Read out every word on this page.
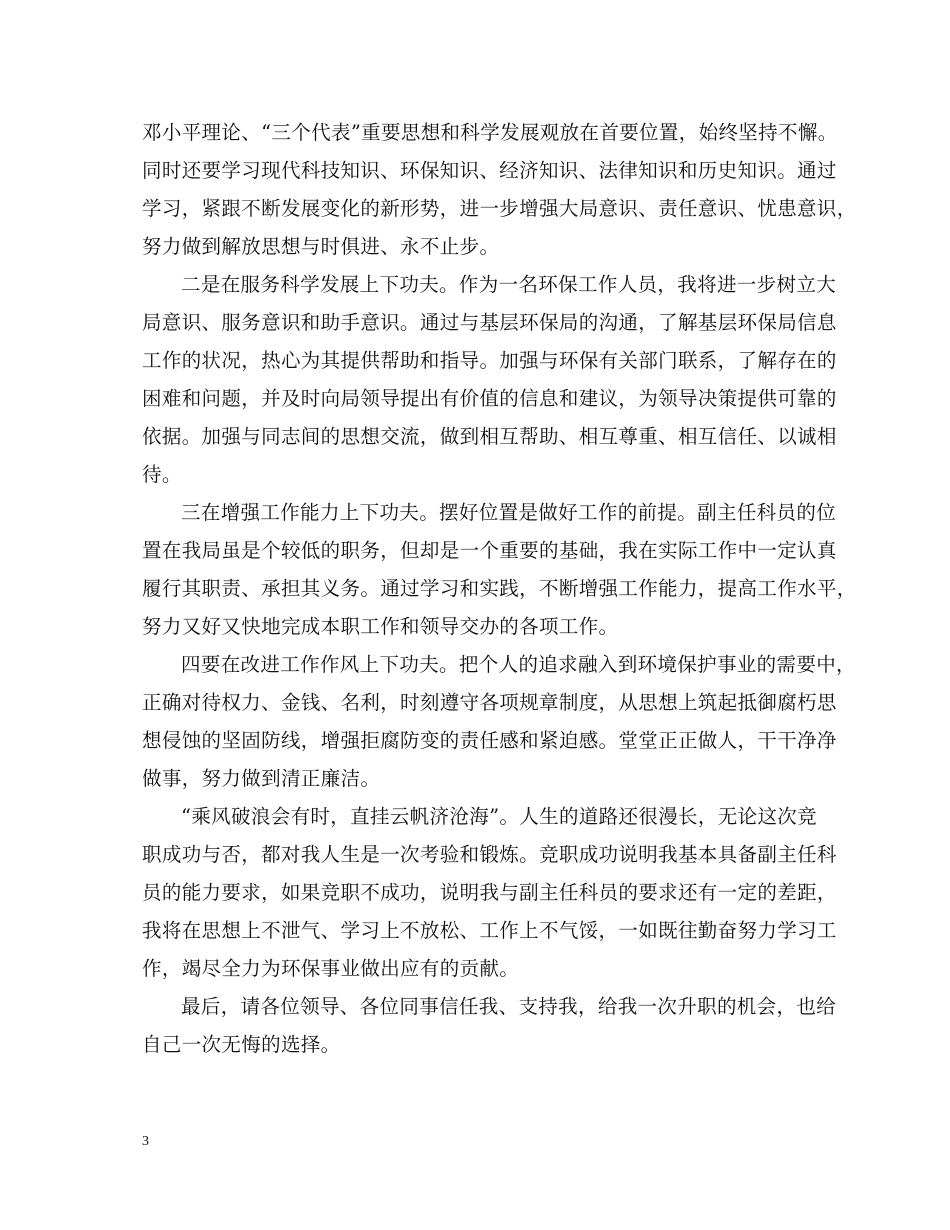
邓小平理论、“三个代表”重要思想和科学发展观放在首要位置，始终坚持不懈。
同时还要学习现代科技知识、环保知识、经济知识、法律知识和历史知识。通过
学习，紧跟不断发展变化的新形势，进一步增强大局意识、责任意识、忧患意识，
努力做到解放思想与时俱进、永不止步。

二是在服务科学发展上下功夫。作为一名环保工作人员，我将进一步树立大
局意识、服务意识和助手意识。通过与基层环保局的沟通，了解基层环保局信息
工作的状况，热心为其提供帮助和指导。加强与环保有关部门联系，了解存在的
困难和问题，并及时向局领导提出有价值的信息和建议，为领导决策提供可靠的
依据。加强与同志间的思想交流，做到相互帮助、相互尊重、相互信任、以诚相
待。

三在增强工作能力上下功夫。摆好位置是做好工作的前提。副主任科员的位
置在我局虽是个较低的职务，但却是一个重要的基础，我在实际工作中一定认真
履行其职责、承担其义务。通过学习和实践，不断增强工作能力，提高工作水平，
努力又好又快地完成本职工作和领导交办的各项工作。

四要在改进工作作风上下功夫。把个人的追求融入到环境保护事业的需要中，
正确对待权力、金钱、名利，时刻遵守各项规章制度，从思想上筑起抵御腐朽思
想侵蚀的坚固防线，增强拒腐防变的责任感和紧迫感。堂堂正正做人，干干净净
做事，努力做到清正廉洁。

“乘风破浪会有时，直挂云帆济沧海”。人生的道路还很漫长，无论这次竞
职成功与否，都对我人生是一次考验和锻炼。竞职成功说明我基本具备副主任科
员的能力要求，如果竞职不成功，说明我与副主任科员的要求还有一定的差距，
我将在思想上不泄气、学习上不放松、工作上不气馁，一如既往勤奋努力学习工
作，竭尽全力为环保事业做出应有的贡献。

最后，请各位领导、各位同事信任我、支持我，给我一次升职的机会，也给
自己一次无悔的选择。

3
